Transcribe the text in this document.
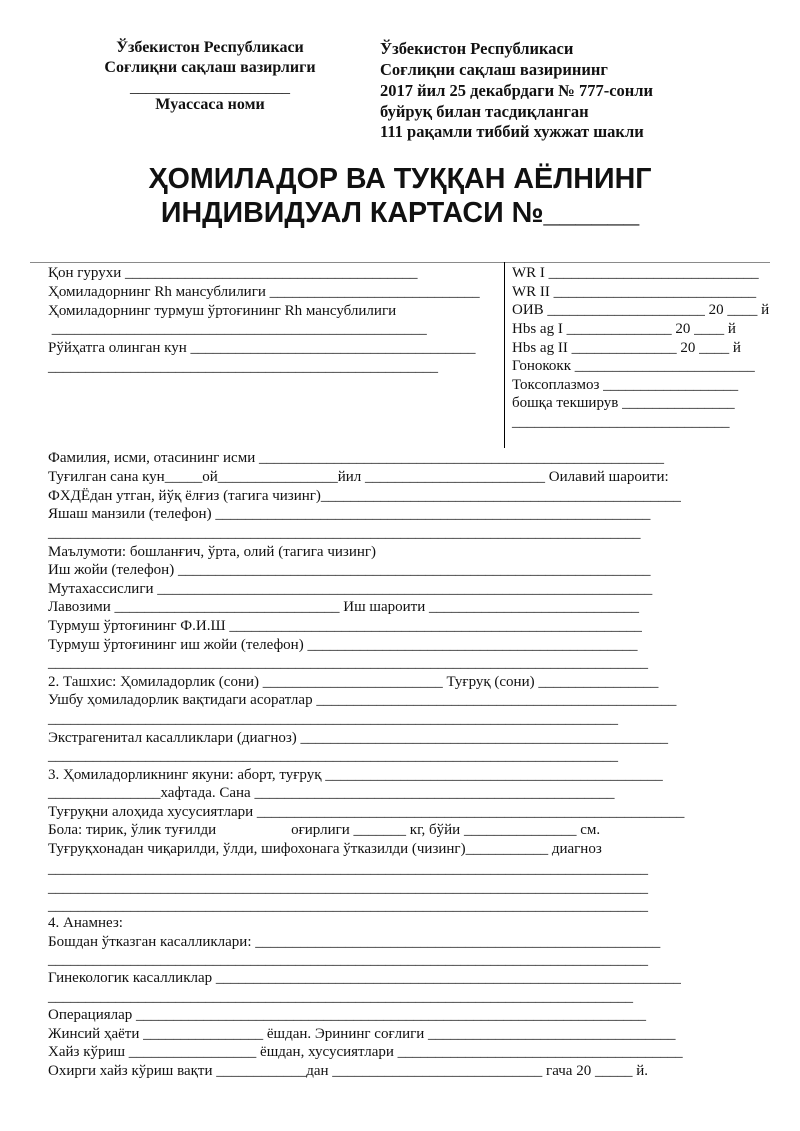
Ўзбекистон Республикаси
Соғлиқни сақлаш вазирлиги
____________________
Муассаса номи
Ўзбекистон Республикаси
Соғлиқни сақлаш вазирининг
2017 йил 25 декабрдаги № 777-сонли
буйруқ билан тасдиқланган
111 рақамли тиббий хужжат шакли
ҲОМИЛАДОР ВА ТУҚҚАН АЁЛНИНГ
ИНДИВИДУАЛ КАРТАСИ №______
Қон гурухи _______________________________________
Ҳомиладорнинг Rh мансублилиги ____________________________
Ҳомиладорнинг турмуш ўртоғининг Rh мансублилиги
__________________________________________________
Рўйҳатга олинган кун ______________________________________
____________________________________________________
WR I ____________________________
WR II ___________________________
ОИВ _____________________ 20 ____ й
Hbs ag I ______________ 20 ____ й
Hbs ag II ______________ 20 ____ й
Гонококк ________________________
Токсоплазмоз __________________
бошқа текширув _______________
_____________________________
Фамилия, исми, отасининг исми ______________________________________________________
Туғилган сана кун_____ой________________йил ________________________ Оилавий шароити:
ФХДЁдан утган, йўқ ёлғиз (тагига чизинг)________________________________________________
Яшаш манзили (телефон) __________________________________________________________
_______________________________________________________________________________
Маълумоти: бошланғич, ўрта, олий (тагига чизинг)
Иш жойи (телефон) _______________________________________________________________
Мутахассислиги __________________________________________________________________
Лавозими ______________________________ Иш шароити ____________________________
Турмуш ўртоғининг Ф.И.Ш _______________________________________________________
Турмуш ўртоғининг иш жойи (телефон) ____________________________________________
________________________________________________________________________________
2. Ташхис: Ҳомиладорлик (сони) ________________________ Туғруқ (сони) ________________
Ушбу ҳомиладорлик вақтидаги асоратлар ________________________________________________
____________________________________________________________________________
Экстрагенитал касалликлари (диагноз) _________________________________________________
____________________________________________________________________________
3. Ҳомиладорликнинг якуни: аборт, туғруқ _____________________________________________
_______________хафтада. Сана ________________________________________________
Туғруқни алоҳида хусусиятлари _________________________________________________________
Бола: тирик, ўлик туғилди                    оғирлиги _______ кг, бўйи _______________ см.
Туғруқхонадан чиқарилди, ўлди, шифохонага ўтказилди (чизинг)___________ диагноз
________________________________________________________________________________
________________________________________________________________________________
________________________________________________________________________________
4. Анамнез:
Бошдан ўтказган касалликлари: ______________________________________________________
________________________________________________________________________________
Гинекологик касалликлар ______________________________________________________________
______________________________________________________________________________
Операциялар ____________________________________________________________________
Жинсий ҳаёти ________________ ёшдан. Эрининг соғлиги _________________________________
Хайз кўриш _________________ ёшдан, хусусиятлари ______________________________________
Охирги хайз кўриш вақти ____________дан ____________________________ гача 20 _____ й.
